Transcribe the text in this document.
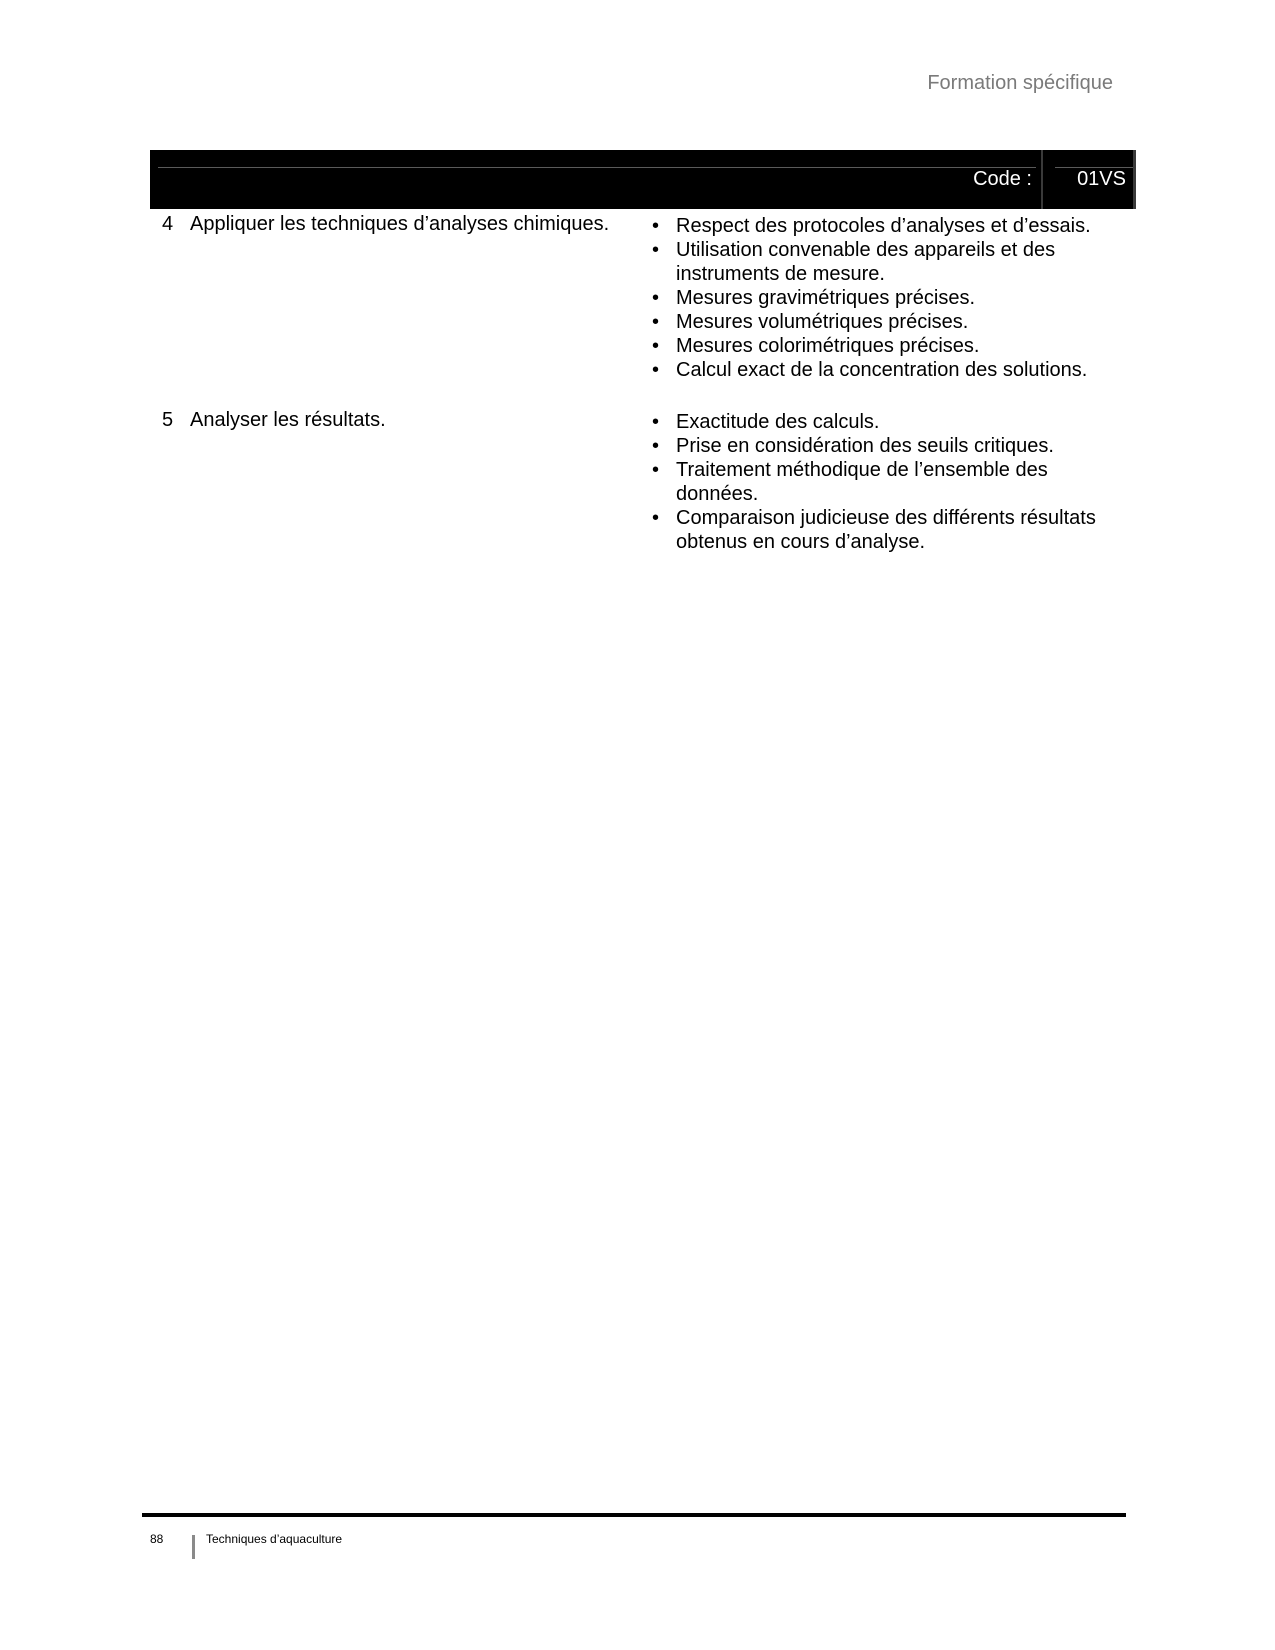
Formation spécifique
Code : 01VS
4 Appliquer les techniques d’analyses chimiques.	• Respect des protocoles d’analyses et d’essais.
• Utilisation convenable des appareils et des instruments de mesure.
• Mesures gravimétriques précises.
• Mesures volumétriques précises.
• Mesures colorimétriques précises.
• Calcul exact de la concentration des solutions.
5 Analyser les résultats.	• Exactitude des calculs.
• Prise en considération des seuils critiques.
• Traitement méthodique de l’ensemble des données.
• Comparaison judicieuse des différents résultats obtenus en cours d’analyse.
88	Techniques d’aquaculture
